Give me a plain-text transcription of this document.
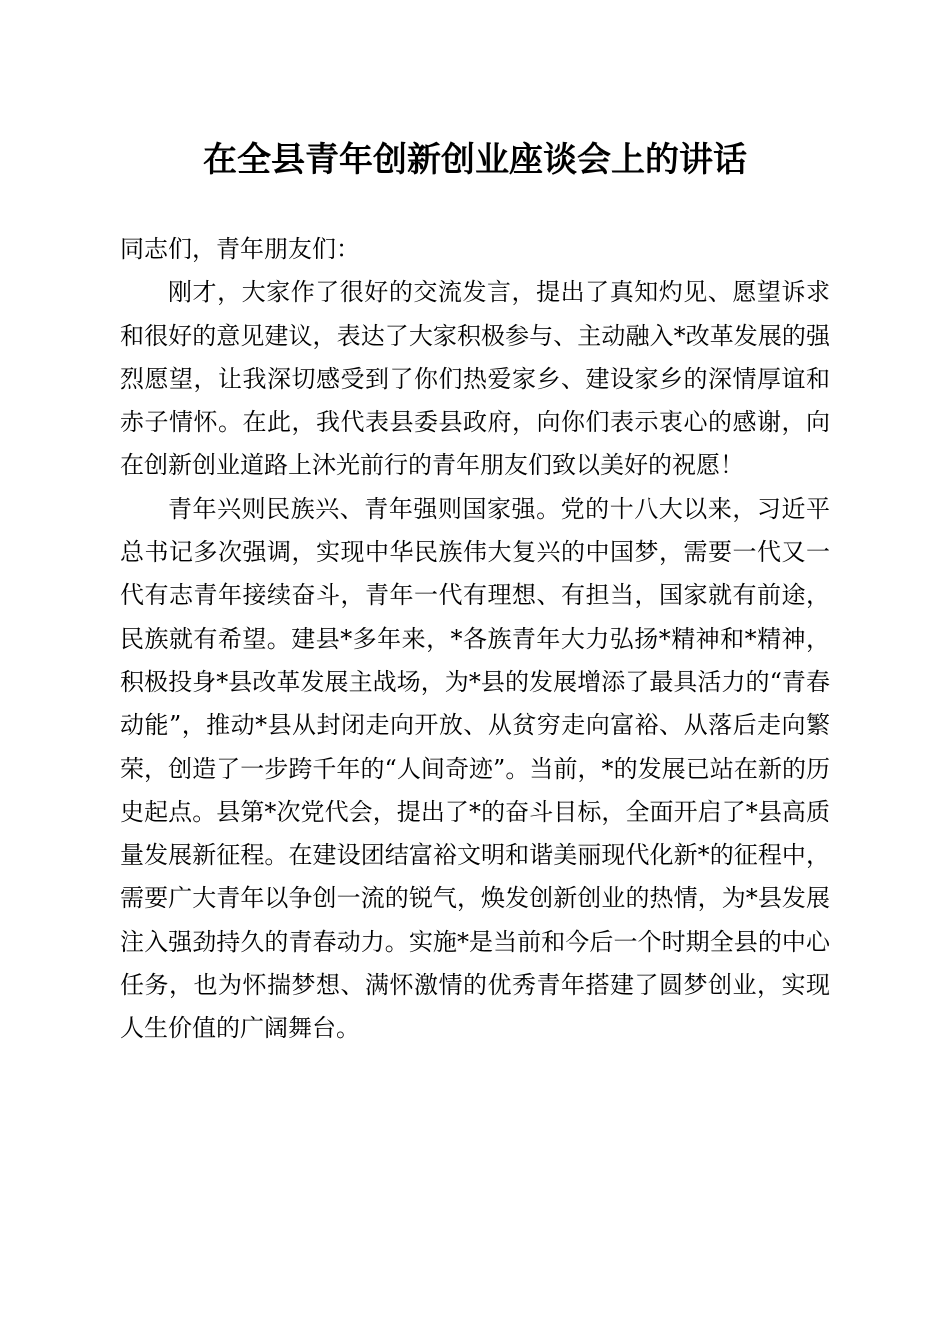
在全县青年创新创业座谈会上的讲话

同志们，青年朋友们：

刚才，大家作了很好的交流发言，提出了真知灼见、愿望诉求和很好的意见建议，表达了大家积极参与、主动融入*改革发展的强烈愿望，让我深切感受到了你们热爱家乡、建设家乡的深情厚谊和赤子情怀。在此，我代表县委县政府，向你们表示衷心的感谢，向在创新创业道路上沐光前行的青年朋友们致以美好的祝愿！

青年兴则民族兴、青年强则国家强。党的十八大以来，习近平总书记多次强调，实现中华民族伟大复兴的中国梦，需要一代又一代有志青年接续奋斗，青年一代有理想、有担当，国家就有前途，民族就有希望。建县*多年来，*各族青年大力弘扬*精神和*精神，积极投身*县改革发展主战场，为*县的发展增添了最具活力的“青春动能”，推动*县从封闭走向开放、从贫穷走向富裕、从落后走向繁荣，创造了一步跨千年的“人间奇迹”。当前，*的发展已站在新的历史起点。县第*次党代会，提出了*的奋斗目标，全面开启了*县高质量发展新征程。在建设团结富裕文明和谐美丽现代化新*的征程中，需要广大青年以争创一流的锐气，焕发创新创业的热情，为*县发展注入强劲持久的青春动力。实施*是当前和今后一个时期全县的中心任务，也为怀揣梦想、满怀激情的优秀青年搭建了圆梦创业，实现人生价值的广阔舞台。
